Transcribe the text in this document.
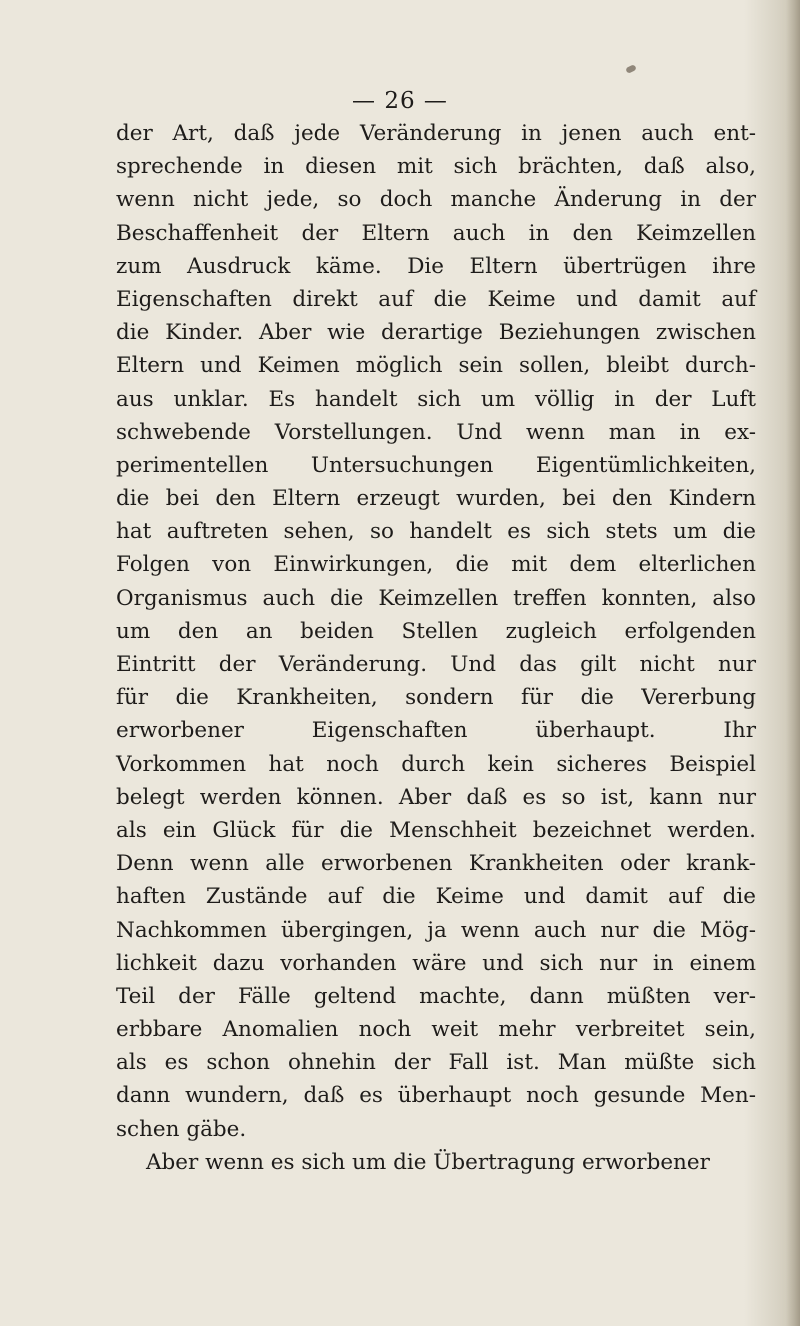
— 26 —
der Art, daß jede Veränderung in jenen auch ent-
sprechende in diesen mit sich brächten, daß also,
wenn nicht jede, so doch manche Änderung in der
Beschaffenheit der Eltern auch in den Keimzellen
zum Ausdruck käme. Die Eltern übertrügen ihre
Eigenschaften direkt auf die Keime und damit auf
die Kinder. Aber wie derartige Beziehungen zwischen
Eltern und Keimen möglich sein sollen, bleibt durch-
aus unklar. Es handelt sich um völlig in der Luft
schwebende Vorstellungen. Und wenn man in ex-
perimentellen Untersuchungen Eigentümlichkeiten,
die bei den Eltern erzeugt wurden, bei den Kindern
hat auftreten sehen, so handelt es sich stets um die
Folgen von Einwirkungen, die mit dem elterlichen
Organismus auch die Keimzellen treffen konnten, also
um den an beiden Stellen zugleich erfolgenden
Eintritt der Veränderung. Und das gilt nicht nur
für die Krankheiten, sondern für die Vererbung
erworbener Eigenschaften überhaupt. Ihr
Vorkommen hat noch durch kein sicheres Beispiel
belegt werden können. Aber daß es so ist, kann nur
als ein Glück für die Menschheit bezeichnet werden.
Denn wenn alle erworbenen Krankheiten oder krank-
haften Zustände auf die Keime und damit auf die
Nachkommen übergingen, ja wenn auch nur die Mög-
lichkeit dazu vorhanden wäre und sich nur in einem
Teil der Fälle geltend machte, dann müßten ver-
erbbare Anomalien noch weit mehr verbreitet sein,
als es schon ohnehin der Fall ist. Man müßte sich
dann wundern, daß es überhaupt noch gesunde Men-
schen gäbe.
Aber wenn es sich um die Übertragung erworbener
